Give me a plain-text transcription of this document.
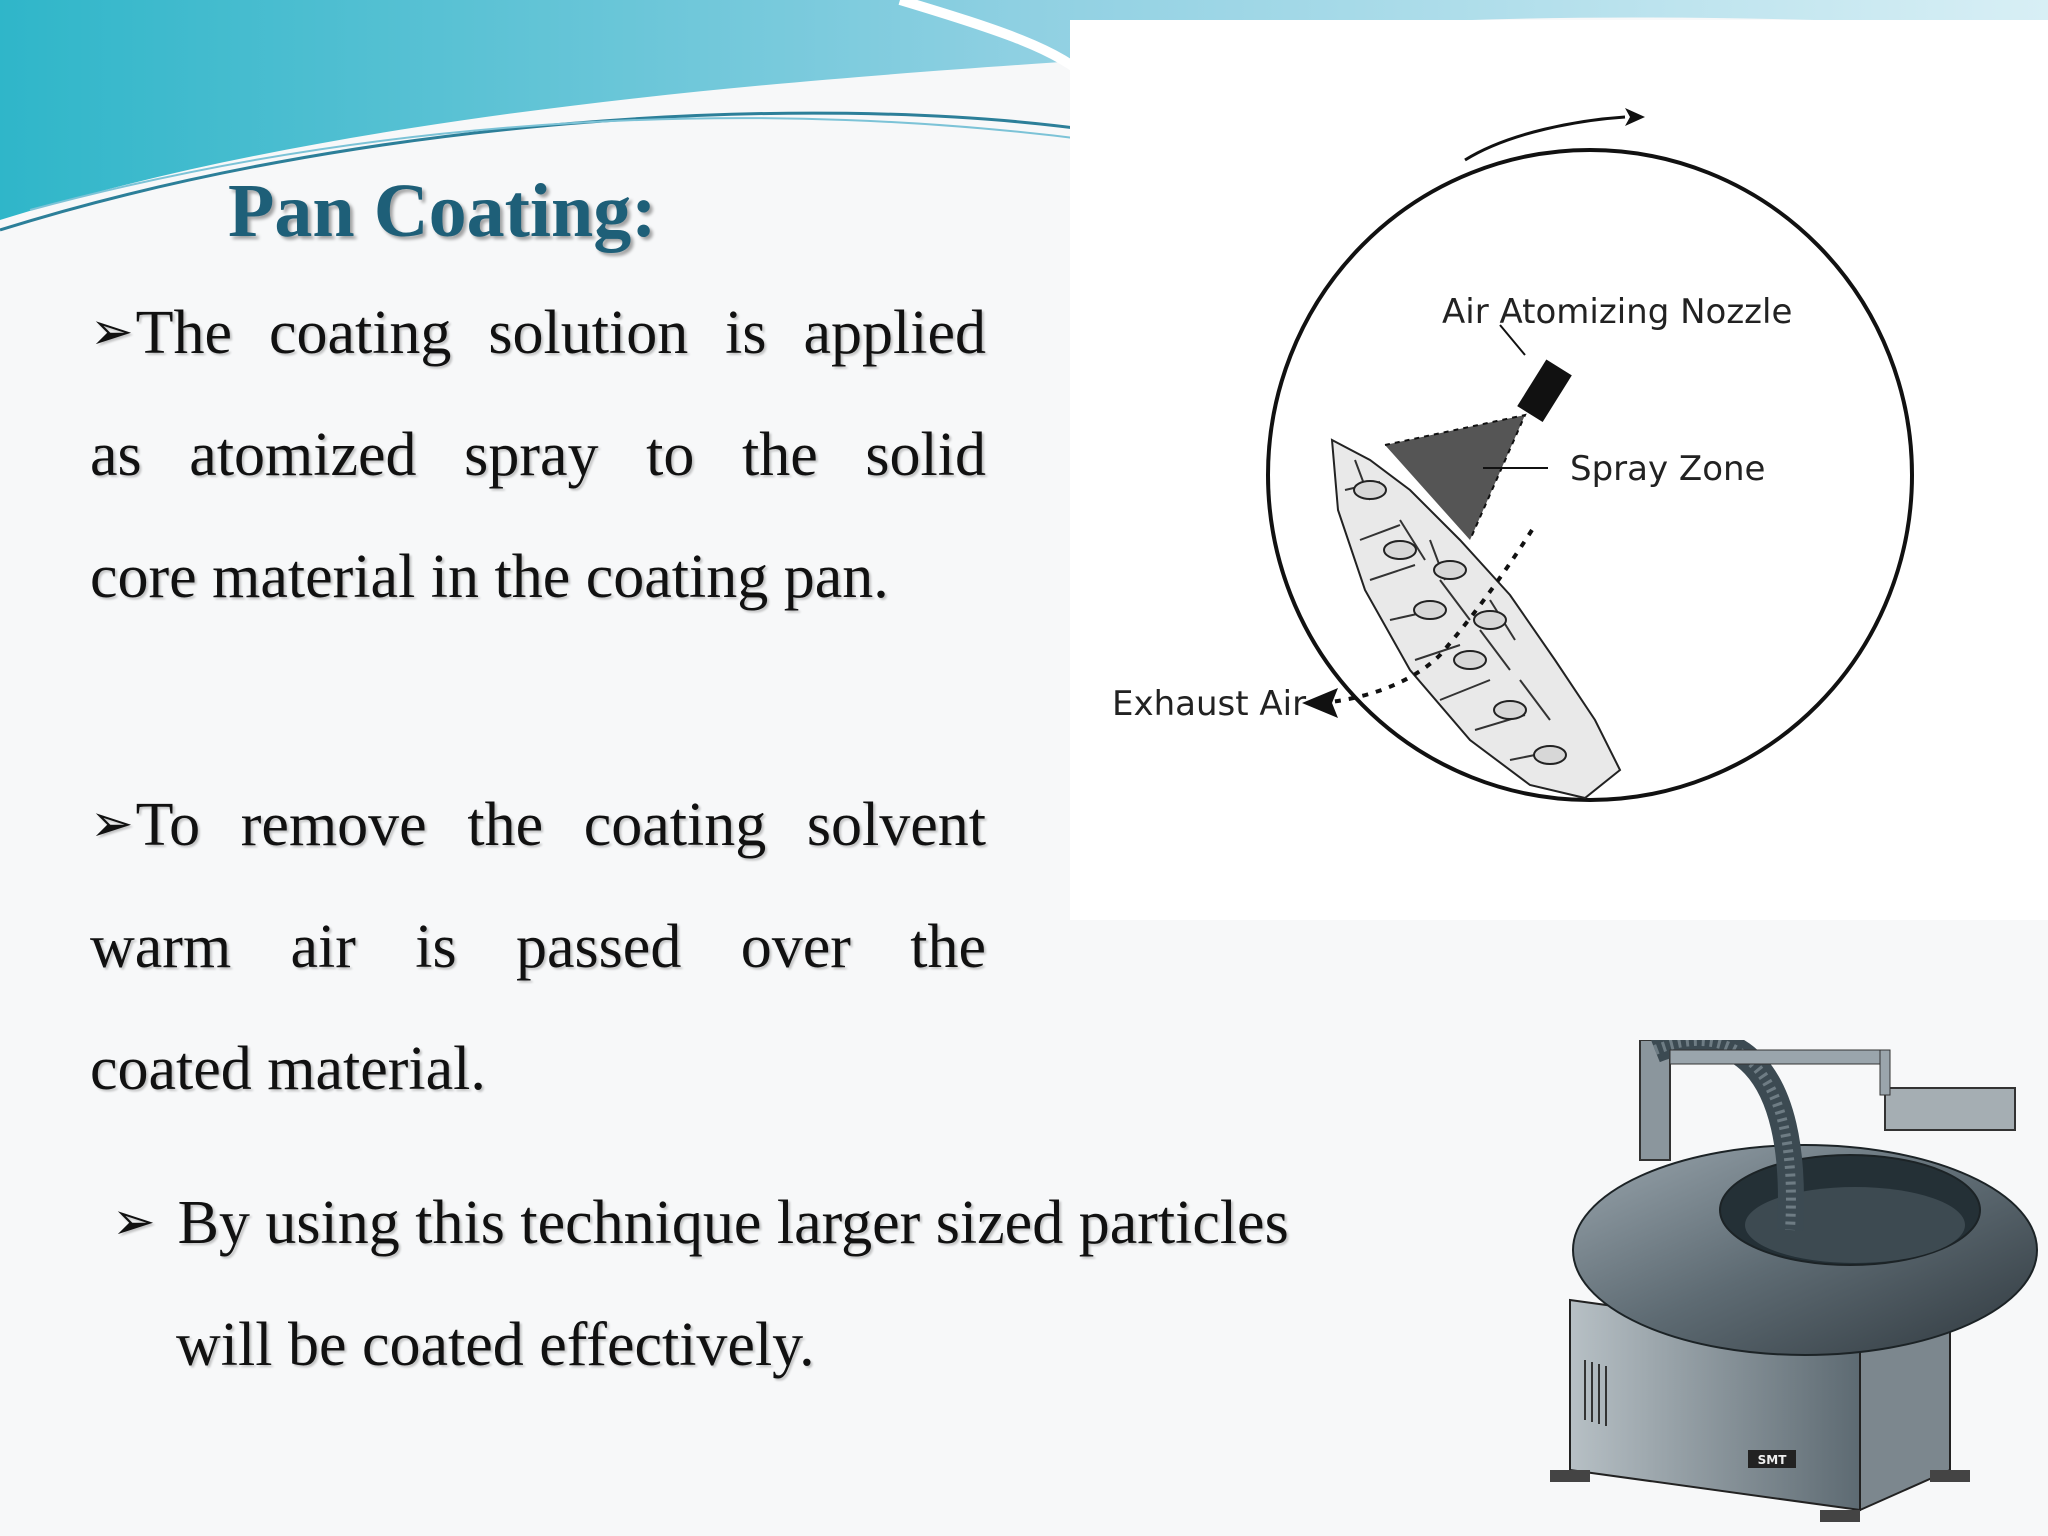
Pan Coating:
➢The coating solution is applied
as atomized spray to the solid
core material in the coating pan.
➢To remove the coating solvent
warm air is passed over the
coated material.
➢ By using this technique larger sized particles
will be coated effectively.
Air Atomizing Nozzle
Spray Zone
Exhaust Air
SMT
